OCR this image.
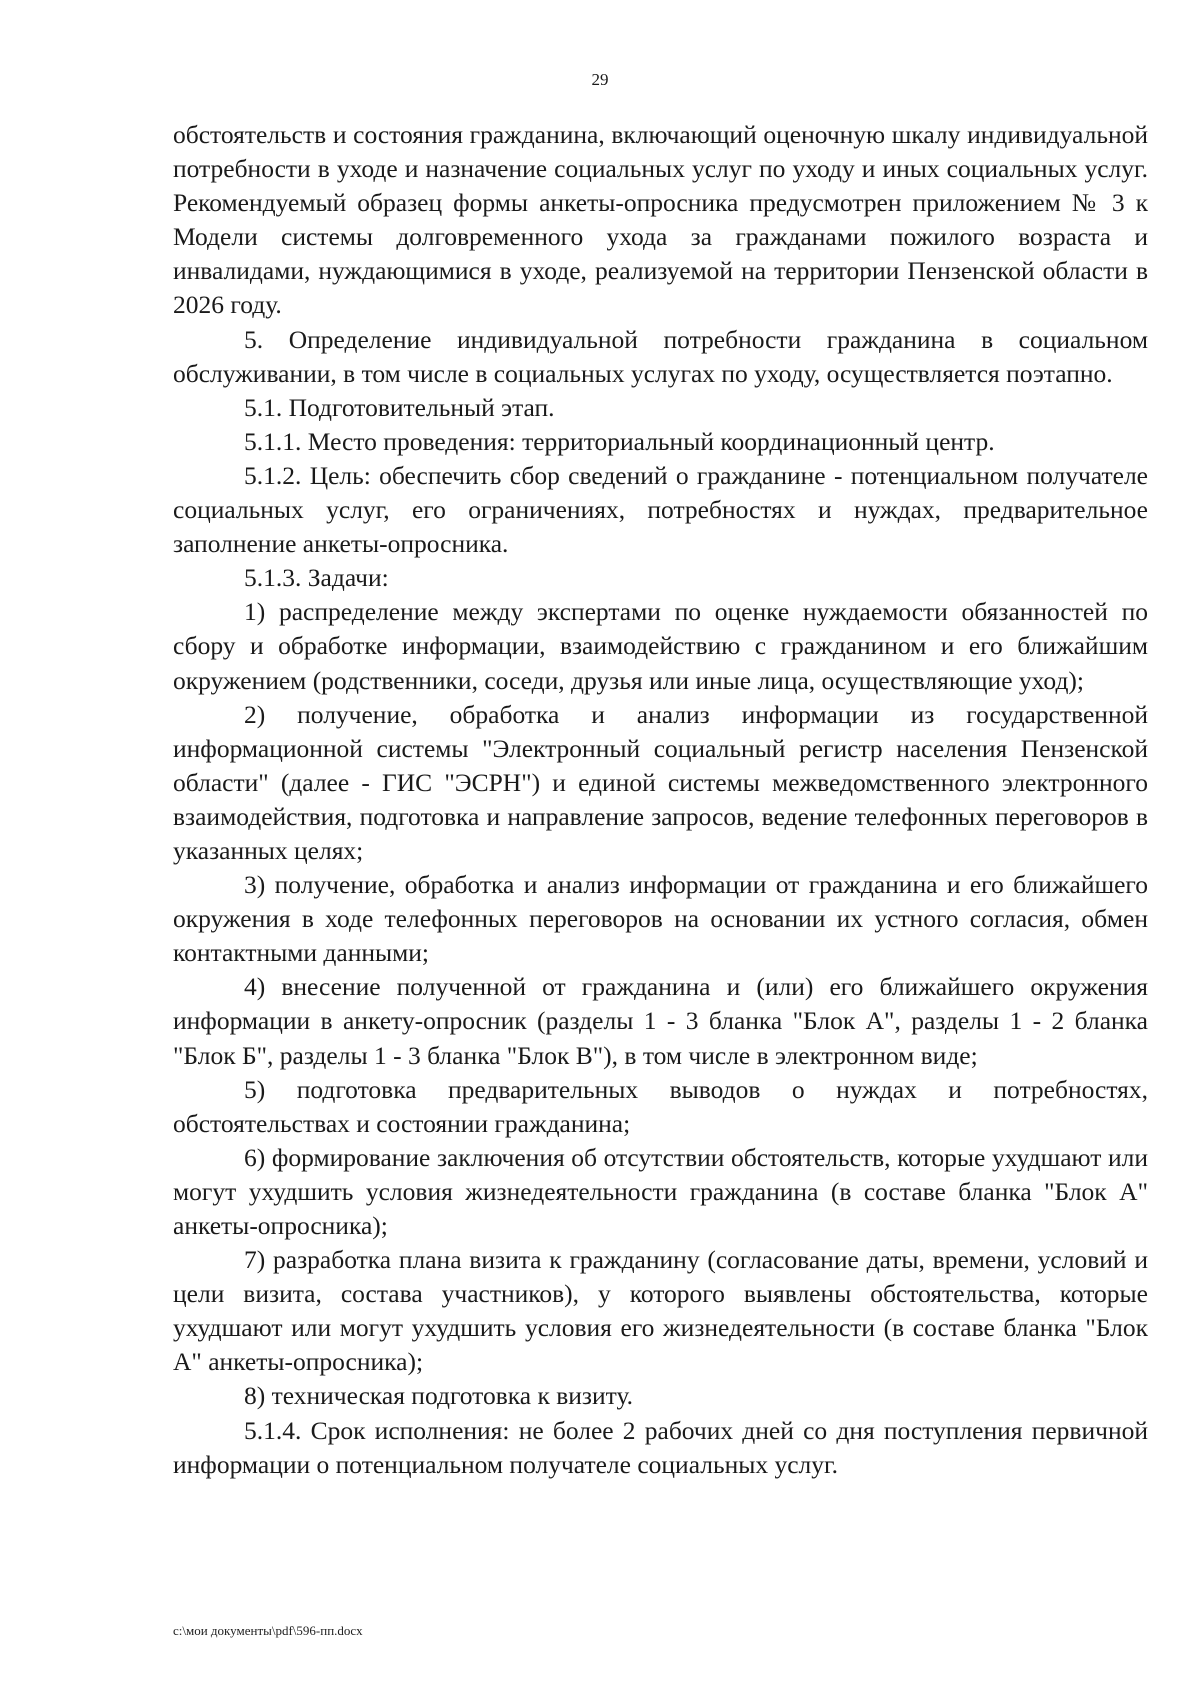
29

обстоятельств и состояния гражданина, включающий оценочную шкалу индивидуальной потребности в уходе и назначение социальных услуг по уходу и иных социальных услуг. Рекомендуемый образец формы анкеты-опросника предусмотрен приложением № 3 к Модели системы долговременного ухода за гражданами пожилого возраста и инвалидами, нуждающимися в уходе, реализуемой на территории Пензенской области в 2026 году.

5. Определение индивидуальной потребности гражданина в социальном обслуживании, в том числе в социальных услугах по уходу, осуществляется поэтапно.

5.1. Подготовительный этап.

5.1.1. Место проведения: территориальный координационный центр.

5.1.2. Цель: обеспечить сбор сведений о гражданине - потенциальном получателе социальных услуг, его ограничениях, потребностях и нуждах, предварительное заполнение анкеты-опросника.

5.1.3. Задачи:

1) распределение между экспертами по оценке нуждаемости обязанностей по сбору и обработке информации, взаимодействию с гражданином и его ближайшим окружением (родственники, соседи, друзья или иные лица, осуществляющие уход);

2) получение, обработка и анализ информации из государственной информационной системы "Электронный социальный регистр населения Пензенской области" (далее - ГИС "ЭСРН") и единой системы межведомственного электронного взаимодействия, подготовка и направление запросов, ведение телефонных переговоров в указанных целях;

3) получение, обработка и анализ информации от гражданина и его ближайшего окружения в ходе телефонных переговоров на основании их устного согласия, обмен контактными данными;

4) внесение полученной от гражданина и (или) его ближайшего окружения информации в анкету-опросник (разделы 1 - 3 бланка "Блок А", разделы 1 - 2 бланка "Блок Б", разделы 1 - 3 бланка "Блок В"), в том числе в электронном виде;

5) подготовка предварительных выводов о нуждах и потребностях, обстоятельствах и состоянии гражданина;

6) формирование заключения об отсутствии обстоятельств, которые ухудшают или могут ухудшить условия жизнедеятельности гражданина (в составе бланка "Блок А" анкеты-опросника);

7) разработка плана визита к гражданину (согласование даты, времени, условий и цели визита, состава участников), у которого выявлены обстоятельства, которые ухудшают или могут ухудшить условия его жизнедеятельности (в составе бланка "Блок А" анкеты-опросника);

8) техническая подготовка к визиту.

5.1.4. Срок исполнения: не более 2 рабочих дней со дня поступления первичной информации о потенциальном получателе социальных услуг.

c:\мои документы\pdf\596-пп.docx
